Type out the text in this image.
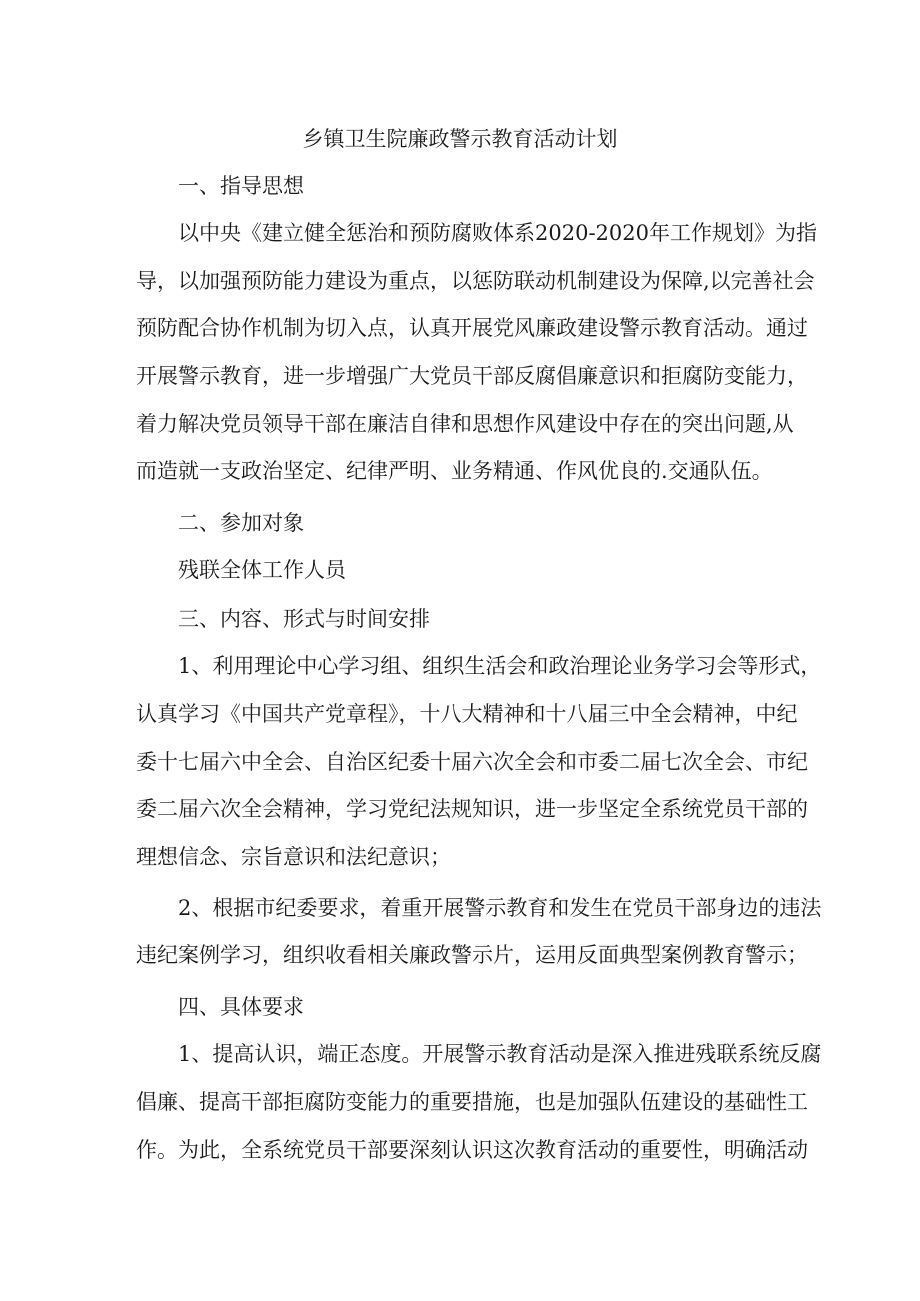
乡镇卫生院廉政警示教育活动计划
一、指导思想
以中央《建立健全惩治和预防腐败体系2020-2020年工作规划》为指
导，以加强预防能力建设为重点，以惩防联动机制建设为保障,以完善社会
预防配合协作机制为切入点，认真开展党风廉政建设警示教育活动。通过
开展警示教育，进一步增强广大党员干部反腐倡廉意识和拒腐防变能力，
着力解决党员领导干部在廉洁自律和思想作风建设中存在的突出问题,从
而造就一支政治坚定、纪律严明、业务精通、作风优良的.交通队伍。
二、参加对象
残联全体工作人员
三、内容、形式与时间安排
1、利用理论中心学习组、组织生活会和政治理论业务学习会等形式，
认真学习《中国共产党章程》，十八大精神和十八届三中全会精神，中纪
委十七届六中全会、自治区纪委十届六次全会和市委二届七次全会、市纪
委二届六次全会精神，学习党纪法规知识，进一步坚定全系统党员干部的
理想信念、宗旨意识和法纪意识；
2、根据市纪委要求，着重开展警示教育和发生在党员干部身边的违法
违纪案例学习，组织收看相关廉政警示片，运用反面典型案例教育警示；
四、具体要求
1、提高认识，端正态度。开展警示教育活动是深入推进残联系统反腐
倡廉、提高干部拒腐防变能力的重要措施，也是加强队伍建设的基础性工
作。为此，全系统党员干部要深刻认识这次教育活动的重要性，明确活动
